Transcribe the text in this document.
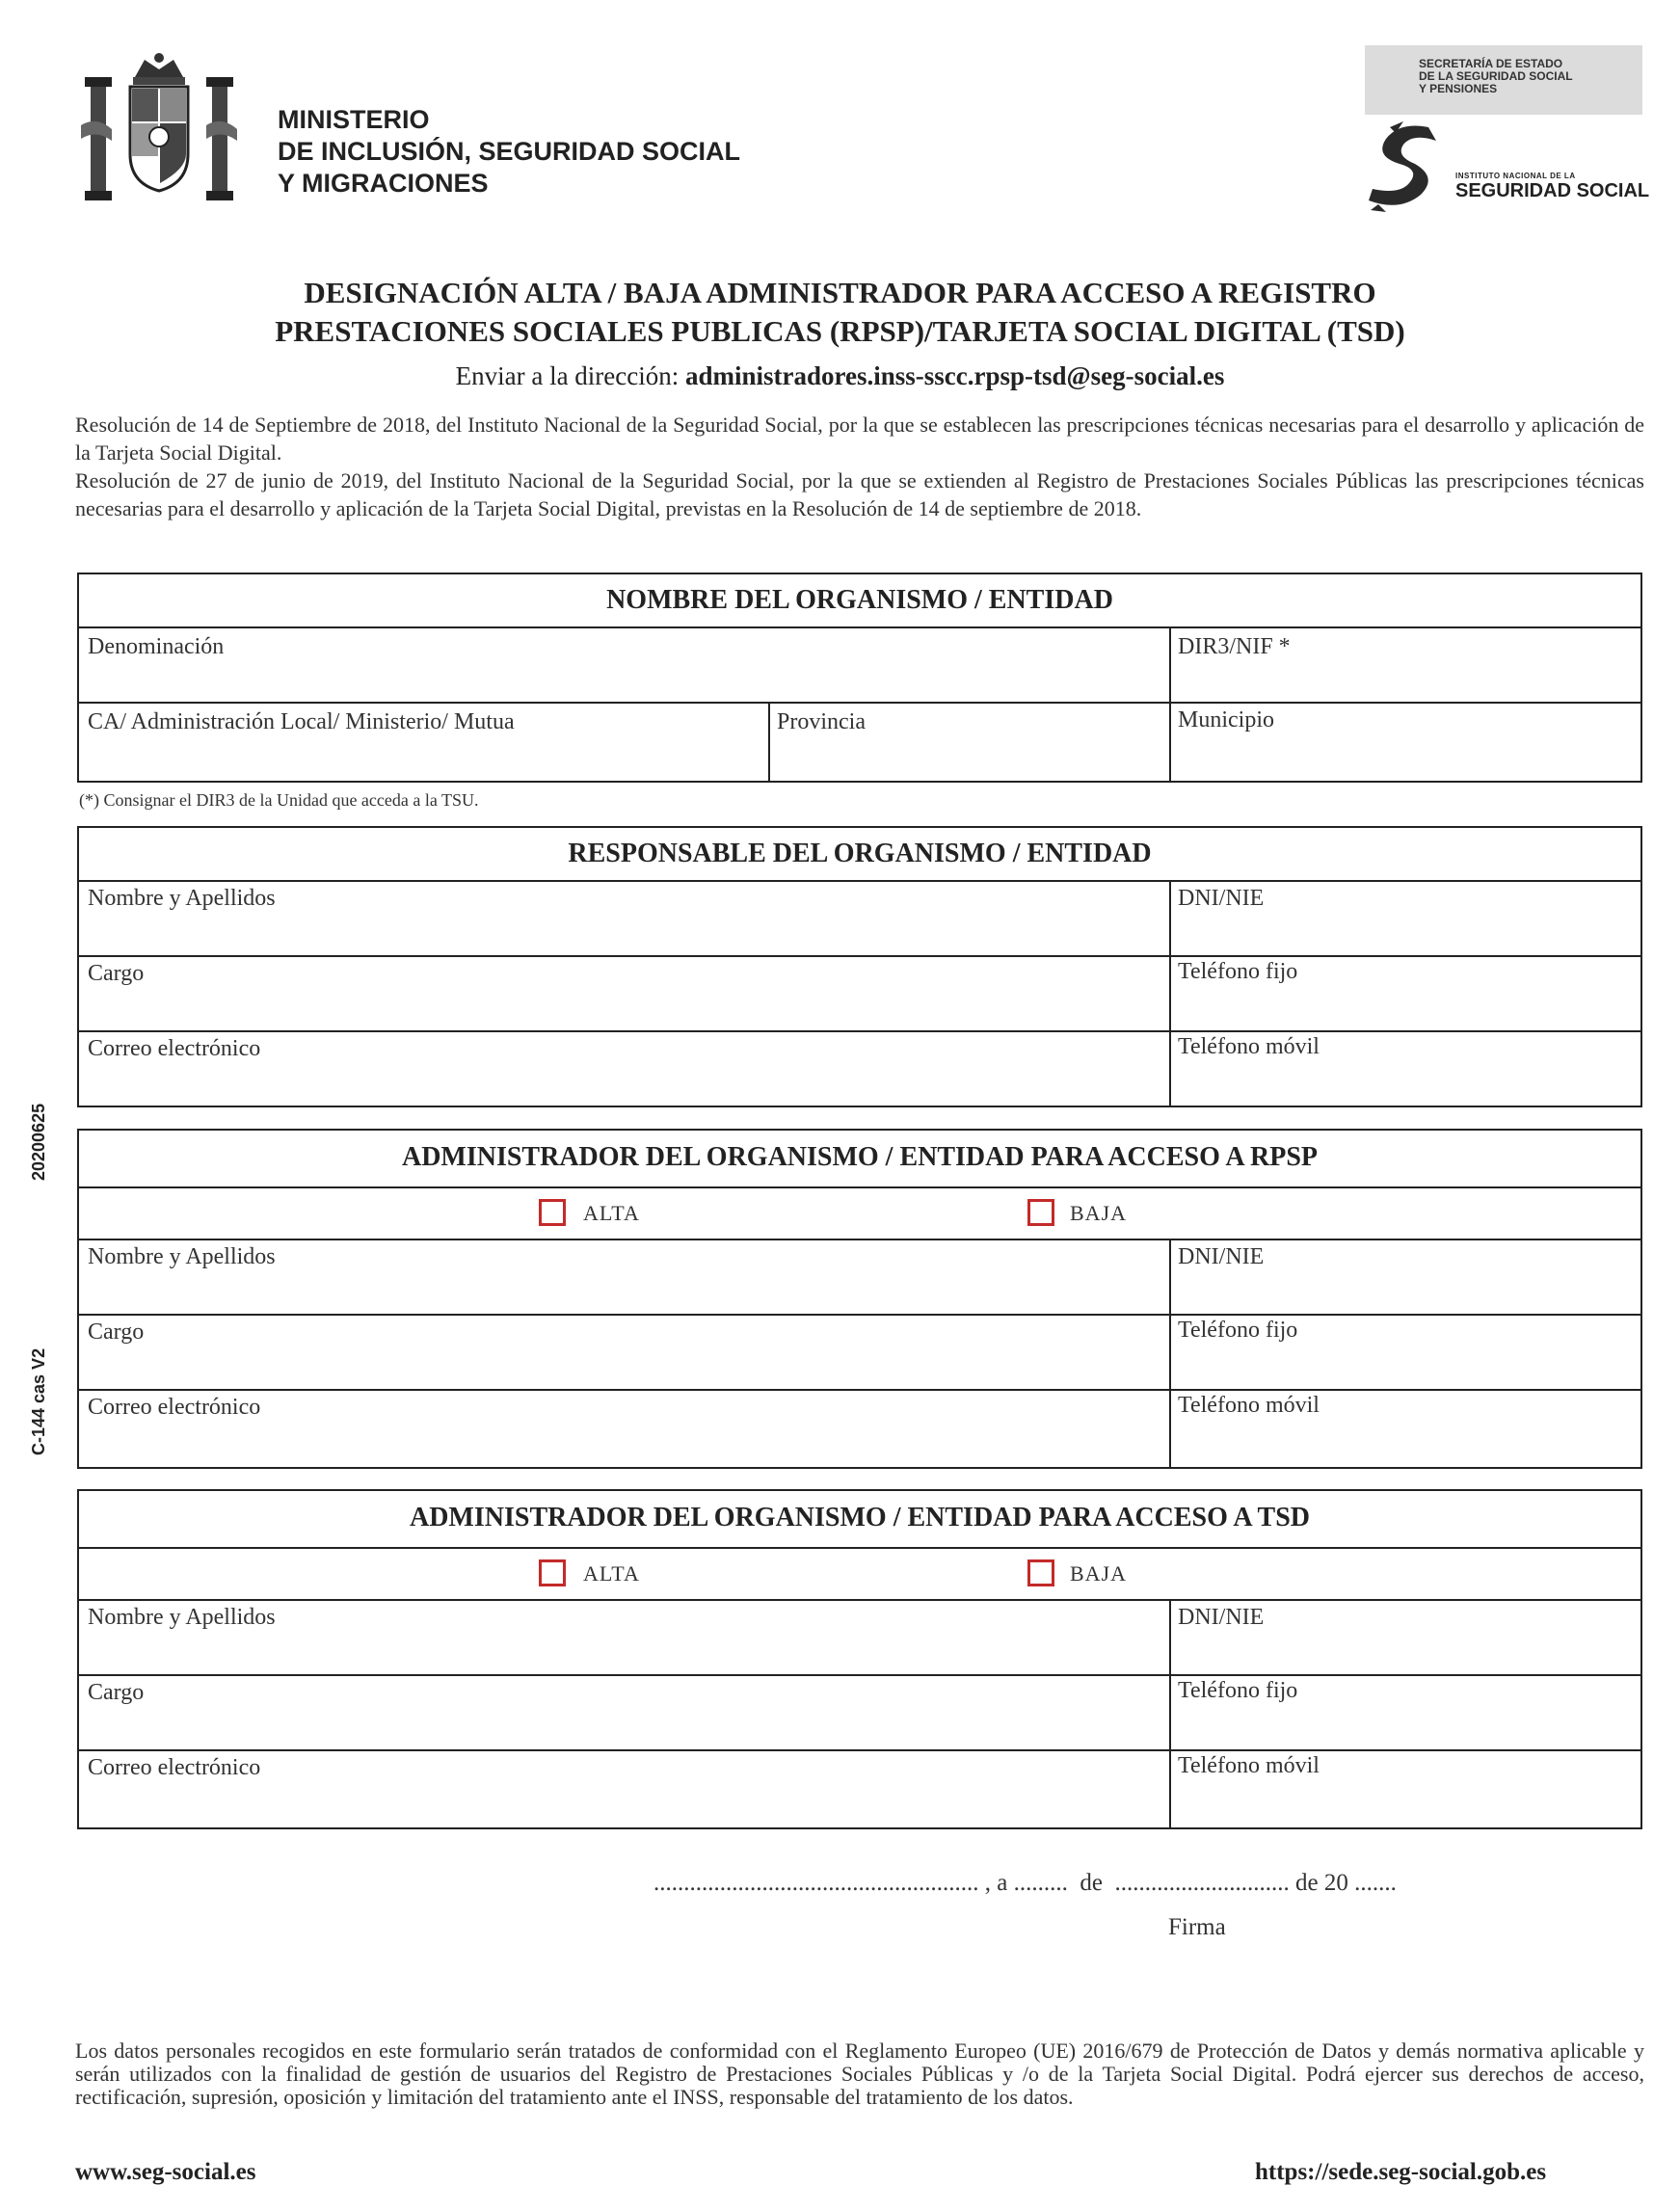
MINISTERIO
DE INCLUSIÓN, SEGURIDAD SOCIAL
Y MIGRACIONES
SECRETARÍA DE ESTADO
DE LA SEGURIDAD SOCIAL
Y PENSIONES
INSTITUTO NACIONAL DE LA
SEGURIDAD SOCIAL
DESIGNACIÓN ALTA / BAJA ADMINISTRADOR PARA ACCESO A REGISTRO
PRESTACIONES SOCIALES PUBLICAS (RPSP)/TARJETA SOCIAL DIGITAL (TSD)
Enviar a la dirección: administradores.inss-sscc.rpsp-tsd@seg-social.es
Resolución de 14 de Septiembre de 2018, del Instituto Nacional de la Seguridad Social, por la que se establecen las prescripciones técnicas necesarias para el desarrollo y aplicación de la Tarjeta Social Digital.
Resolución de 27 de junio de 2019, del Instituto Nacional de la Seguridad Social, por la que se extienden al Registro de Prestaciones Sociales Públicas las prescripciones técnicas necesarias para el desarrollo y aplicación de la Tarjeta Social Digital, previstas en la Resolución de 14 de septiembre de 2018.
20200625
C-144 cas V2
NOMBRE DEL ORGANISMO / ENTIDAD
Denominación	DIR3/NIF *
CA/ Administración Local/ Ministerio/ Mutua	Provincia	Municipio
(*) Consignar el DIR3 de la Unidad que acceda a la TSU.
RESPONSABLE DEL ORGANISMO / ENTIDAD
Nombre y Apellidos	DNI/NIE
Cargo	Teléfono fijo
Correo electrónico	Teléfono móvil
ADMINISTRADOR DEL ORGANISMO / ENTIDAD PARA ACCESO A RPSP
ALTA	BAJA
Nombre y Apellidos	DNI/NIE
Cargo	Teléfono fijo
Correo electrónico	Teléfono móvil
ADMINISTRADOR DEL ORGANISMO / ENTIDAD PARA ACCESO A TSD
ALTA	BAJA
Nombre y Apellidos	DNI/NIE
Cargo	Teléfono fijo
Correo electrónico	Teléfono móvil
...................................................... , a ......... de ............................. de 20 .......
Firma
Los datos personales recogidos en este formulario serán tratados de conformidad con el Reglamento Europeo (UE) 2016/679 de Protección de Datos y demás normativa aplicable y serán utilizados con la finalidad de gestión de usuarios del Registro de Prestaciones Sociales Públicas y /o de la Tarjeta Social Digital. Podrá ejercer sus derechos de acceso, rectificación, supresión, oposición y limitación del tratamiento ante el INSS, responsable del tratamiento de los datos.
www.seg-social.es	https://sede.seg-social.gob.es
